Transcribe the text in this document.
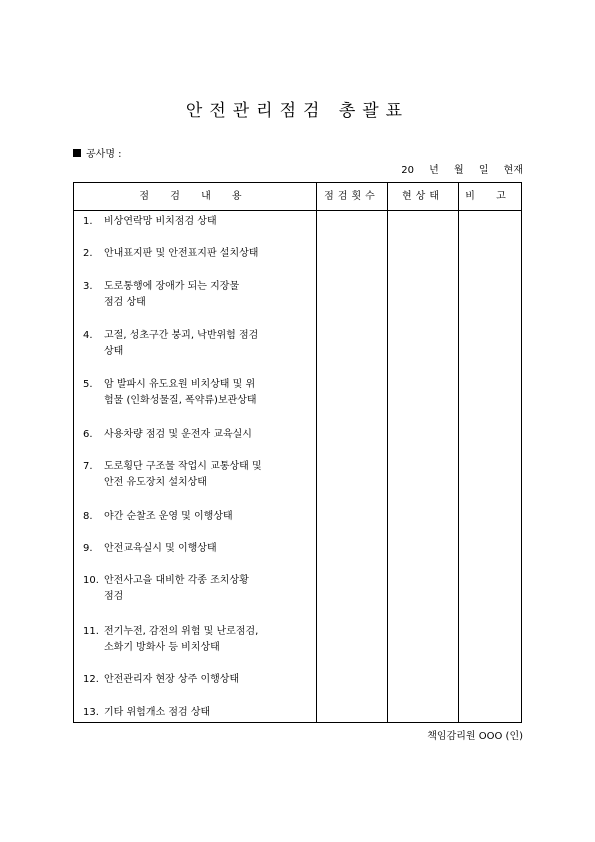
안전관리점검 총괄표
공사명 :
20 년 월 일 현재
점 검 내 용	점검횟수	현상태	비 고
1. 비상연락망 비치점검 상태
2. 안내표지판 및 안전표지판 설치상태
3. 도로통행에 장애가 되는 지장물
점검 상태
4. 고절, 성초구간 붕괴, 낙반위험 점검
상태
5. 암 발파시 유도요원 비치상태 및 위
험물 (인화성물질, 폭약류)보관상태
6. 사용차량 점검 및 운전자 교육실시
7. 도로횡단 구조물 작업시 교통상태 및
안전 유도장치 설치상태
8. 야간 순찰조 운영 및 이행상태
9. 안전교육실시 및 이행상태
10. 안전사고을 대비한 각종 조치상황
점검
11. 전기누전, 감전의 위험 및 난로점검,
소화기 방화사 등 비치상태
12. 안전관리자 현장 상주 이행상태
13. 기타 위험개소 점검 상태
책임감리원 OOO (인)
